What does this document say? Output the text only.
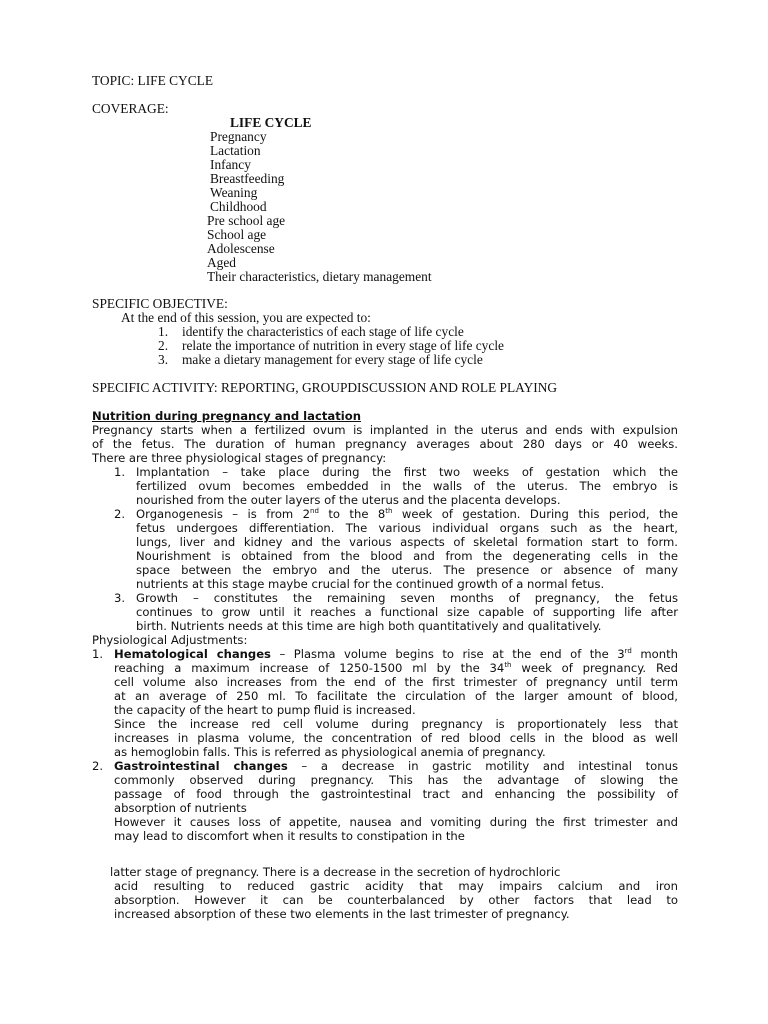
TOPIC: LIFE CYCLE
COVERAGE:
LIFE CYCLE
Pregnancy
Lactation
Infancy
Breastfeeding
Weaning
Childhood
Pre school age
School age
Adolescense
Aged
Their characteristics, dietary management
SPECIFIC OBJECTIVE:
At the end of this session, you are expected to:
1. identify the characteristics of each stage of life cycle
2. relate the importance of nutrition in every stage of life cycle
3. make a dietary management for every stage of life cycle
SPECIFIC ACTIVITY: REPORTING, GROUPDISCUSSION AND ROLE PLAYING
Nutrition during pregnancy and lactation
Pregnancy starts when a fertilized ovum is implanted in the uterus and ends with expulsion
of the fetus. The duration of human pregnancy averages about 280 days or 40 weeks.
There are three physiological stages of pregnancy:
1. Implantation – take place during the first two weeks of gestation which the
fertilized ovum becomes embedded in the walls of the uterus. The embryo is
nourished from the outer layers of the uterus and the placenta develops.
2. Organogenesis – is from 2nd to the 8th week of gestation. During this period, the
fetus undergoes differentiation. The various individual organs such as the heart,
lungs, liver and kidney and the various aspects of skeletal formation start to form.
Nourishment is obtained from the blood and from the degenerating cells in the
space between the embryo and the uterus. The presence or absence of many
nutrients at this stage maybe crucial for the continued growth of a normal fetus.
3. Growth – constitutes the remaining seven months of pregnancy, the fetus
continues to grow until it reaches a functional size capable of supporting life after
birth. Nutrients needs at this time are high both quantitatively and qualitatively.
Physiological Adjustments:
1. Hematological changes – Plasma volume begins to rise at the end of the 3rd month
reaching a maximum increase of 1250-1500 ml by the 34th week of pregnancy. Red
cell volume also increases from the end of the first trimester of pregnancy until term
at an average of 250 ml. To facilitate the circulation of the larger amount of blood,
the capacity of the heart to pump fluid is increased.
Since the increase red cell volume during pregnancy is proportionately less that
increases in plasma volume, the concentration of red blood cells in the blood as well
as hemoglobin falls. This is referred as physiological anemia of pregnancy.
2. Gastrointestinal changes – a decrease in gastric motility and intestinal tonus
commonly observed during pregnancy. This has the advantage of slowing the
passage of food through the gastrointestinal tract and enhancing the possibility of
absorption of nutrients
However it causes loss of appetite, nausea and vomiting during the first trimester and
may lead to discomfort when it results to constipation in the
latter stage of pregnancy. There is a decrease in the secretion of hydrochloric
acid resulting to reduced gastric acidity that may impairs calcium and iron
absorption. However it can be counterbalanced by other factors that lead to
increased absorption of these two elements in the last trimester of pregnancy.
